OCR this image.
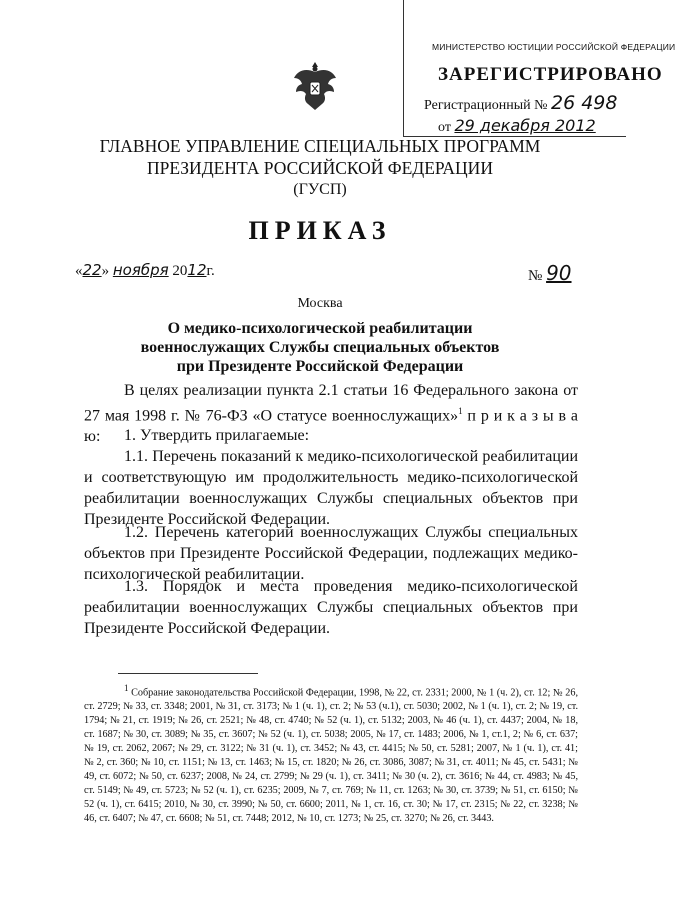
МИНИСТЕРСТВО ЮСТИЦИИ РОССИЙСКОЙ ФЕДЕРАЦИИ
ЗАРЕГИСТРИРОВАНО
Регистрационный № 26 498
от 29 декабря 2012
ГЛАВНОЕ УПРАВЛЕНИЕ СПЕЦИАЛЬНЫХ ПРОГРАММ
ПРЕЗИДЕНТА РОССИЙСКОЙ ФЕДЕРАЦИИ
(ГУСП)
ПРИКАЗ
«22» ноября 2012г.	№ 90
Москва
О медико-психологической реабилитации
военнослужащих Службы специальных объектов
при Президенте Российской Федерации
В целях реализации пункта 2.1 статьи 16 Федерального закона от 27 мая 1998 г. № 76-ФЗ «О статусе военнослужащих»$^1$ п р и к а з ы в а ю:	1. Утвердить прилагаемые:
1.1. Перечень показаний к медико-психологической реабилитации и соответствующую им продолжительность медико-психологической реабилитации военнослужащих Службы специальных объектов при Президенте Российской Федерации.
1.2. Перечень категорий военнослужащих Службы специальных объектов при Президенте Российской Федерации, подлежащих медико-психологической реабилитации.
1.3. Порядок и места проведения медико-психологической реабилитации военнослужащих Службы специальных объектов при Президенте Российской Федерации.
$^1$ Собрание законодательства Российской Федерации, 1998, № 22, ст. 2331; 2000, № 1 (ч. 2), ст. 12; № 26, ст. 2729; № 33, ст. 3348; 2001, № 31, ст. 3173; № 1 (ч. 1), ст. 2; № 53 (ч.1), ст. 5030; 2002, № 1 (ч. 1), ст. 2; № 19, ст. 1794; № 21, ст. 1919; № 26, ст. 2521; № 48, ст. 4740; № 52 (ч. 1), ст. 5132; 2003, № 46 (ч. 1), ст. 4437; 2004, № 18, ст. 1687; № 30, ст. 3089; № 35, ст. 3607; № 52 (ч. 1), ст. 5038; 2005, № 17, ст. 1483; 2006, № 1, ст.1, 2; № 6, ст. 637; № 19, ст. 2062, 2067; № 29, ст. 3122; № 31 (ч. 1), ст. 3452; № 43, ст. 4415; № 50, ст. 5281; 2007, № 1 (ч. 1), ст. 41; № 2, ст. 360; № 10, ст. 1151; № 13, ст. 1463; № 15, ст. 1820; № 26, ст. 3086, 3087; № 31, ст. 4011; № 45, ст. 5431; № 49, ст. 6072; № 50, ст. 6237; 2008, № 24, ст. 2799; № 29 (ч. 1), ст. 3411; № 30 (ч. 2), ст. 3616; № 44, ст. 4983; № 45, ст. 5149; № 49, ст. 5723; № 52 (ч. 1), ст. 6235; 2009, № 7, ст. 769; № 11, ст. 1263; № 30, ст. 3739; № 51, ст. 6150; № 52 (ч. 1), ст. 6415; 2010, № 30, ст. 3990; № 50, ст. 6600; 2011, № 1, ст. 16, ст. 30; № 17, ст. 2315; № 22, ст. 3238; № 46, ст. 6407; № 47, ст. 6608; № 51, ст. 7448; 2012, № 10, ст. 1273; № 25, ст. 3270; № 26, ст. 3443.
